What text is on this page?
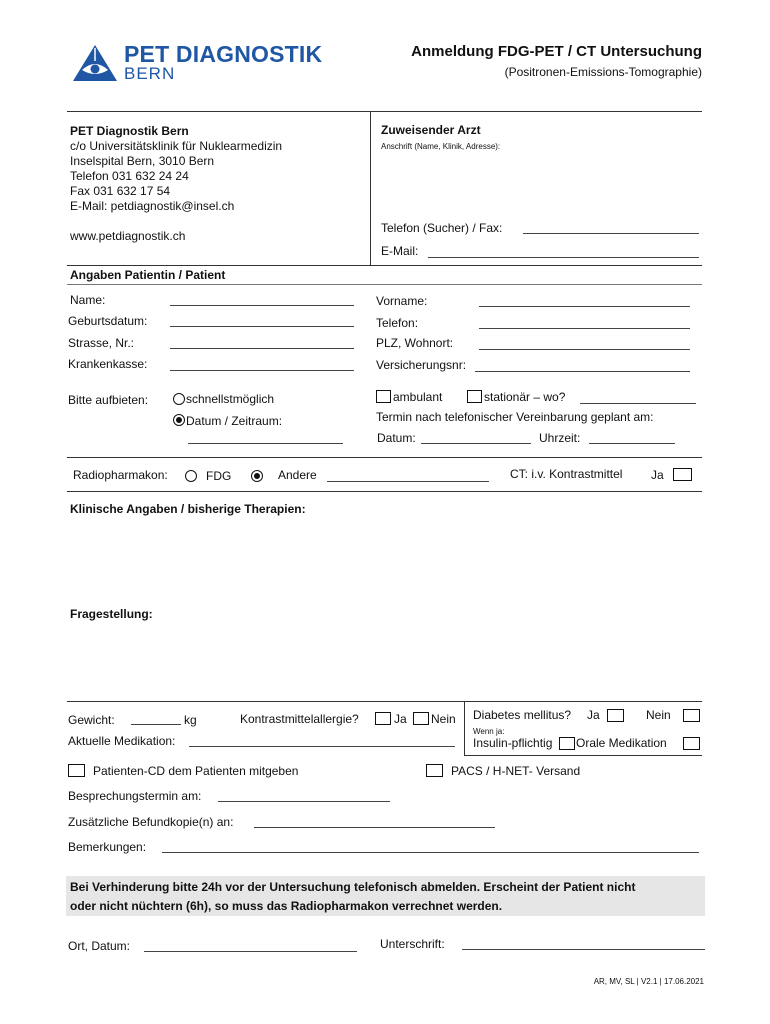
PET DIAGNOSTIK
BERN
Anmeldung FDG-PET / CT Untersuchung
(Positronen-Emissions-Tomographie)
PET Diagnostik Bern
c/o Universitätsklinik für Nuklearmedizin
Inselspital Bern, 3010 Bern
Telefon 031 632 24 24
Fax 031 632 17 54
E-Mail: petdiagnostik@insel.ch
www.petdiagnostik.ch
Zuweisender Arzt
Anschrift (Name, Klinik, Adresse):
Telefon (Sucher) / Fax:
E-Mail:
Angaben Patientin / Patient
Name:
Geburtsdatum:
Strasse, Nr.:
Krankenkasse:
Vorname:
Telefon:
PLZ, Wohnort:
Versicherungsnr:
Bitte aufbieten:	schnellstmöglich
Datum / Zeitraum:
ambulant	stationär – wo?
Termin nach telefonischer Vereinbarung geplant am:
Datum:	Uhrzeit:
Radiopharmakon:	FDG	Andere	CT: i.v. Kontrastmittel Ja
Klinische Angaben / bisherige Therapien:
Fragestellung:
Gewicht:	kg	Kontrastmittelallergie?	Ja Nein
Aktuelle Medikation:
Diabetes mellitus? Ja	Nein
Wenn ja:
Insulin-pflichtig Orale Medikation
Patienten-CD dem Patienten mitgeben	PACS / H-NET- Versand
Besprechungstermin am:
Zusätzliche Befundkopie(n) an:
Bemerkungen:
Bei Verhinderung bitte 24h vor der Untersuchung telefonisch abmelden. Erscheint der Patient nicht
oder nicht nüchtern (6h), so muss das Radiopharmakon verrechnet werden.
Ort, Datum:	Unterschrift:
AR, MV, SL | V2.1 | 17.06.2021
